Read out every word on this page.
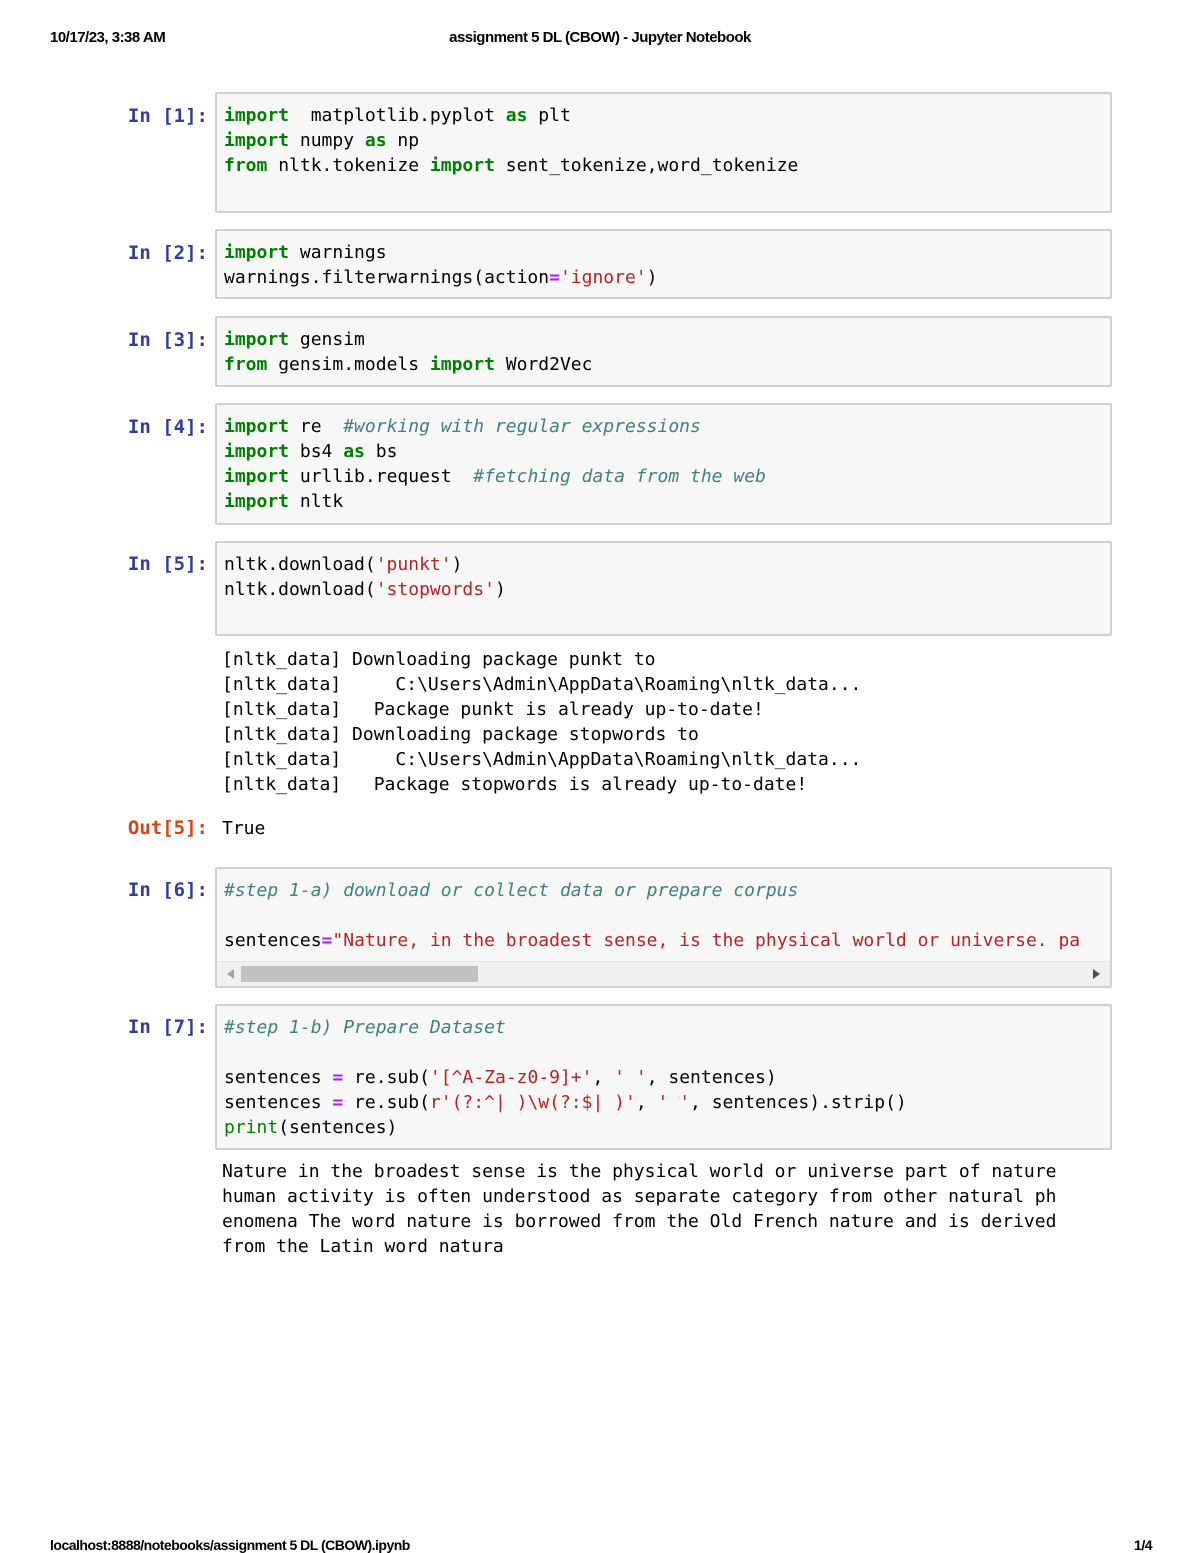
10/17/23, 3:38 AM	assignment 5 DL (CBOW) - Jupyter Notebook
In [1]: import  matplotlib.pyplot as plt
import numpy as np
from nltk.tokenize import sent_tokenize,word_tokenize
In [2]: import warnings
warnings.filterwarnings(action='ignore')
In [3]: import gensim
from gensim.models import Word2Vec
In [4]: import re  #working with regular expressions
import bs4 as bs
import urllib.request  #fetching data from the web
import nltk
In [5]: nltk.download('punkt')
nltk.download('stopwords')
[nltk_data] Downloading package punkt to
[nltk_data]     C:\Users\Admin\AppData\Roaming\nltk_data...
[nltk_data]   Package punkt is already up-to-date!
[nltk_data] Downloading package stopwords to
[nltk_data]     C:\Users\Admin\AppData\Roaming\nltk_data...
[nltk_data]   Package stopwords is already up-to-date!
Out[5]: True
In [6]: #step 1-a) download or collect data or prepare corpus

sentences="Nature, in the broadest sense, is the physical world or universe. pa
In [7]: #step 1-b) Prepare Dataset

sentences = re.sub('[^A-Za-z0-9]+', ' ', sentences)
sentences = re.sub(r'(?:^| )\w(?:$| )', ' ', sentences).strip()
print(sentences)
Nature in the broadest sense is the physical world or universe part of nature
human activity is often understood as separate category from other natural ph
enomena The word nature is borrowed from the Old French nature and is derived
from the Latin word natura
localhost:8888/notebooks/assignment 5 DL (CBOW).ipynb	1/4
